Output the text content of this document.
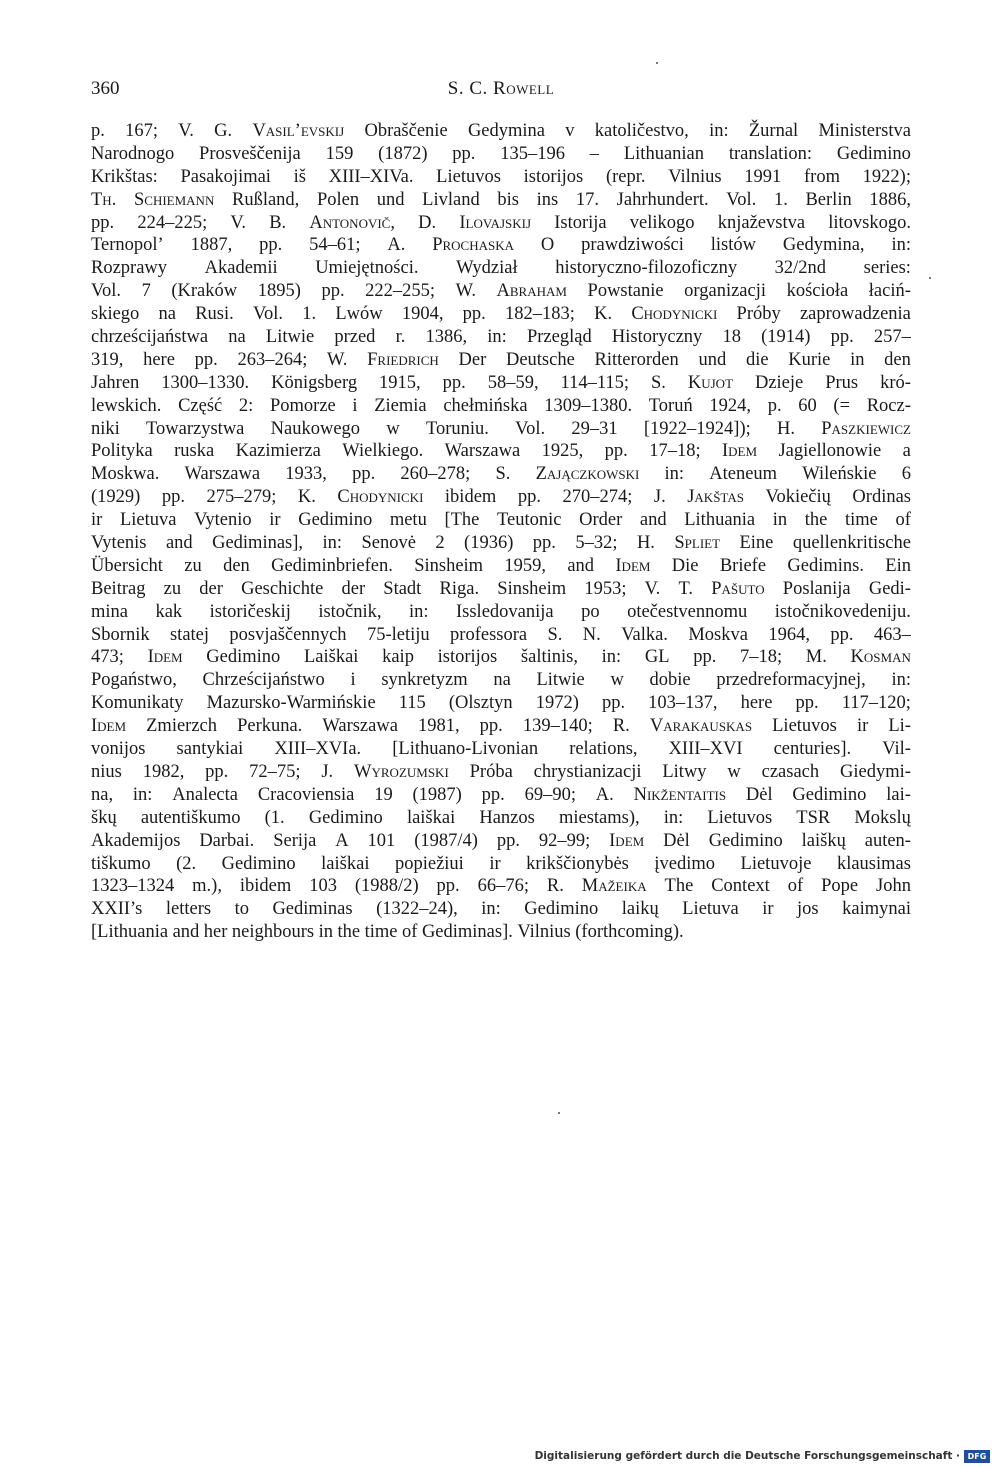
360	S. C. Rowell
p. 167; V. G. Vasil’evskij Obraščenie Gedymina v katoličestvo, in: Žurnal Ministerstva
Narodnogo Prosveščenija 159 (1872) pp. 135–196 – Lithuanian translation: Gedimino
Krikštas: Pasakojimai iš XIII–XIVa. Lietuvos istorijos (repr. Vilnius 1991 from 1922);
Th. Schiemann Rußland, Polen und Livland bis ins 17. Jahrhundert. Vol. 1. Berlin 1886,
pp. 224–225; V. B. Antonovič, D. Ilovajskij Istorija velikogo knjaževstva litovskogo.
Ternopol’ 1887, pp. 54–61; A. Prochaska O prawdziwości listów Gedymina, in:
Rozprawy Akademii Umiejętności. Wydział historyczno-filozoficzny 32/2nd series:
Vol. 7 (Kraków 1895) pp. 222–255; W. Abraham Powstanie organizacji kościoła łaciń-
skiego na Rusi. Vol. 1. Lwów 1904, pp. 182–183; K. Chodynicki Próby zaprowadzenia
chrześcijaństwa na Litwie przed r. 1386, in: Przegląd Historyczny 18 (1914) pp. 257–
319, here pp. 263–264; W. Friedrich Der Deutsche Ritterorden und die Kurie in den
Jahren 1300–1330. Königsberg 1915, pp. 58–59, 114–115; S. Kujot Dzieje Prus kró-
lewskich. Część 2: Pomorze i Ziemia chełmińska 1309–1380. Toruń 1924, p. 60 (= Rocz-
niki Towarzystwa Naukowego w Toruniu. Vol. 29–31 [1922–1924]); H. Paszkiewicz
Polityka ruska Kazimierza Wielkiego. Warszawa 1925, pp. 17–18; Idem Jagiellonowie a
Moskwa. Warszawa 1933, pp. 260–278; S. Zajączkowski in: Ateneum Wileńskie 6
(1929) pp. 275–279; K. Chodynicki ibidem pp. 270–274; J. Jakštas Vokiečių Ordinas
ir Lietuva Vytenio ir Gedimino metu [The Teutonic Order and Lithuania in the time of
Vytenis and Gediminas], in: Senovė 2 (1936) pp. 5–32; H. Spliet Eine quellenkritische
Übersicht zu den Gediminbriefen. Sinsheim 1959, and Idem Die Briefe Gedimins. Ein
Beitrag zu der Geschichte der Stadt Riga. Sinsheim 1953; V. T. Pašuto Poslanija Gedi-
mina kak istoričeskij istočnik, in: Issledovanija po otečestvennomu istočnikovedeniju.
Sbornik statej posvjaščennych 75-letiju professora S. N. Valka. Moskva 1964, pp. 463–
473; Idem Gedimino Laiškai kaip istorijos šaltinis, in: GL pp. 7–18; M. Kosman
Pogaństwo, Chrześcijaństwo i synkretyzm na Litwie w dobie przedreformacyjnej, in:
Komunikaty Mazursko-Warmińskie 115 (Olsztyn 1972) pp. 103–137, here pp. 117–120;
Idem Zmierzch Perkuna. Warszawa 1981, pp. 139–140; R. Varakauskas Lietuvos ir Li-
vonijos santykiai XIII–XVIa. [Lithuano-Livonian relations, XIII–XVI centuries]. Vil-
nius 1982, pp. 72–75; J. Wyrozumski Próba chrystianizacji Litwy w czasach Giedymi-
na, in: Analecta Cracoviensia 19 (1987) pp. 69–90; A. Nikžentaitis Dėl Gedimino lai-
škų autentiškumo (1. Gedimino laiškai Hanzos miestams), in: Lietuvos TSR Mokslų
Akademijos Darbai. Serija A 101 (1987/4) pp. 92–99; Idem Dėl Gedimino laiškų auten-
tiškumo (2. Gedimino laiškai popiežiui ir krikščionybės įvedimo Lietuvoje klausimas
1323–1324 m.), ibidem 103 (1988/2) pp. 66–76; R. Mažeika The Context of Pope John
XXII’s letters to Gediminas (1322–24), in: Gedimino laikų Lietuva ir jos kaimynai
[Lithuania and her neighbours in the time of Gediminas]. Vilnius (forthcoming).
Digitalisierung gefördert durch die Deutsche Forschungsgemeinschaft · DFG
